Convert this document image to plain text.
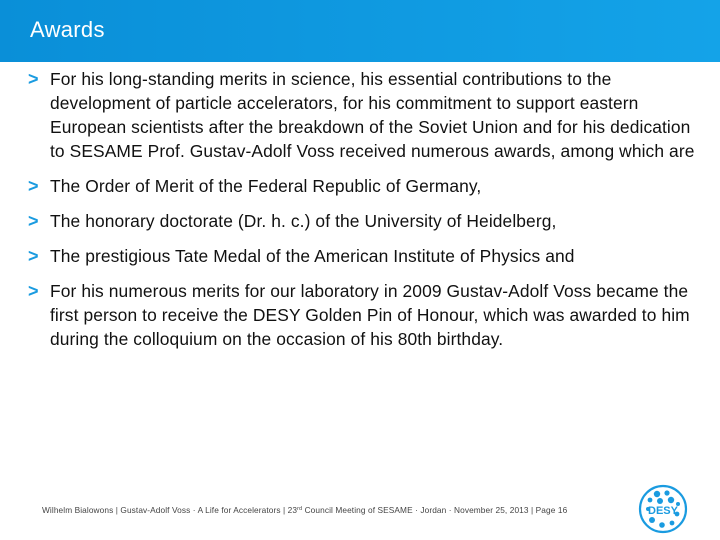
Awards
> For his long-standing merits in science, his essential contributions to the development of particle accelerators, for his commitment to support eastern European scientists after the breakdown of the Soviet Union and for his dedication to SESAME Prof. Gustav-Adolf Voss received numerous awards, among which are
> The Order of Merit of the Federal Republic of Germany,
> The honorary doctorate (Dr. h. c.) of the University of Heidelberg,
> The prestigious Tate Medal of the American Institute of Physics and
> For his numerous merits for our laboratory in 2009 Gustav-Adolf Voss became the first person to receive the DESY Golden Pin of Honour, which was awarded to him during the colloquium on the occasion of his 80th birthday.
Wilhelm Bialowons | Gustav-Adolf Voss · A Life for Accelerators | 23rd Council Meeting of SESAME · Jordan · November 25, 2013 | Page 16	DESY
